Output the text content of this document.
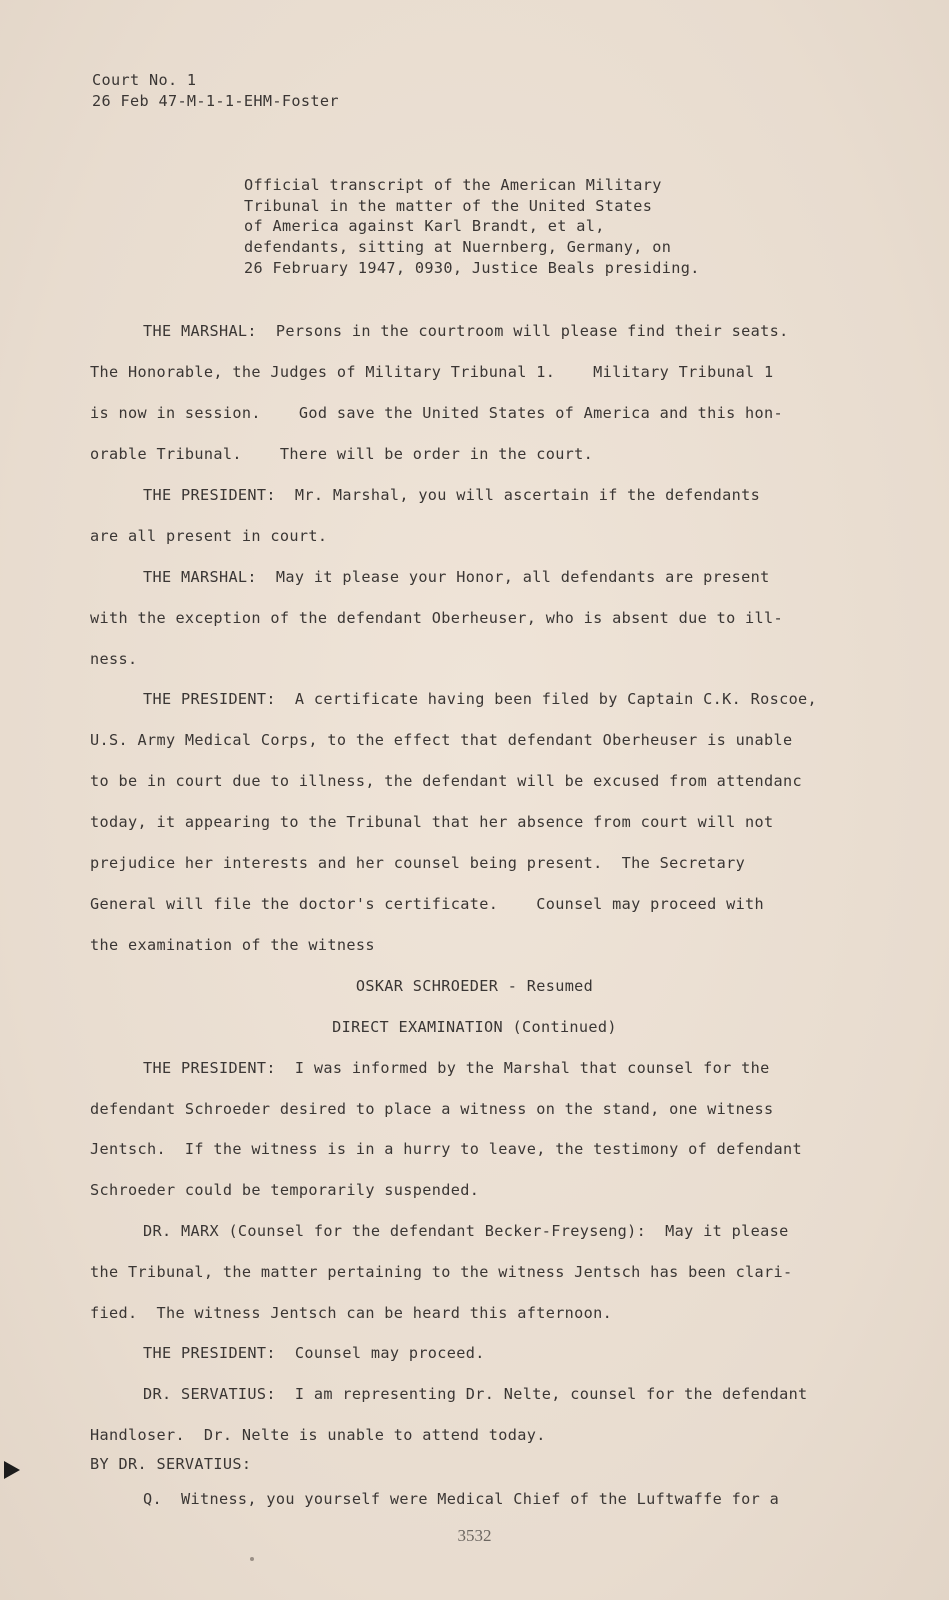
Court No. 1
26 Feb 47-M-1-1-EHM-Foster
Official transcript of the American Military
Tribunal in the matter of the United States
of America against Karl Brandt, et al,
defendants, sitting at Nuernberg, Germany, on
26 February 1947, 0930, Justice Beals presiding.
THE MARSHAL:  Persons in the courtroom will please find their seats.
The Honorable, the Judges of Military Tribunal 1.    Military Tribunal 1
is now in session.    God save the United States of America and this hon-
orable Tribunal.    There will be order in the court.
THE PRESIDENT:  Mr. Marshal, you will ascertain if the defendants
are all present in court.
THE MARSHAL:  May it please your Honor, all defendants are present
with the exception of the defendant Oberheuser, who is absent due to ill-
ness.
THE PRESIDENT:  A certificate having been filed by Captain C.K. Roscoe,
U.S. Army Medical Corps, to the effect that defendant Oberheuser is unable
to be in court due to illness, the defendant will be excused from attendanc
today, it appearing to the Tribunal that her absence from court will not
prejudice her interests and her counsel being present.  The Secretary
General will file the doctor's certificate.    Counsel may proceed with
the examination of the witness
OSKAR SCHROEDER - Resumed
DIRECT EXAMINATION (Continued)
THE PRESIDENT:  I was informed by the Marshal that counsel for the
defendant Schroeder desired to place a witness on the stand, one witness
Jentsch.  If the witness is in a hurry to leave, the testimony of defendant
Schroeder could be temporarily suspended.
DR. MARX (Counsel for the defendant Becker-Freyseng):  May it please
the Tribunal, the matter pertaining to the witness Jentsch has been clari-
fied.  The witness Jentsch can be heard this afternoon.
THE PRESIDENT:  Counsel may proceed.
DR. SERVATIUS:  I am representing Dr. Nelte, counsel for the defendant
Handloser.  Dr. Nelte is unable to attend today.
BY DR. SERVATIUS:
Q.  Witness, you yourself were Medical Chief of the Luftwaffe for a
3532
